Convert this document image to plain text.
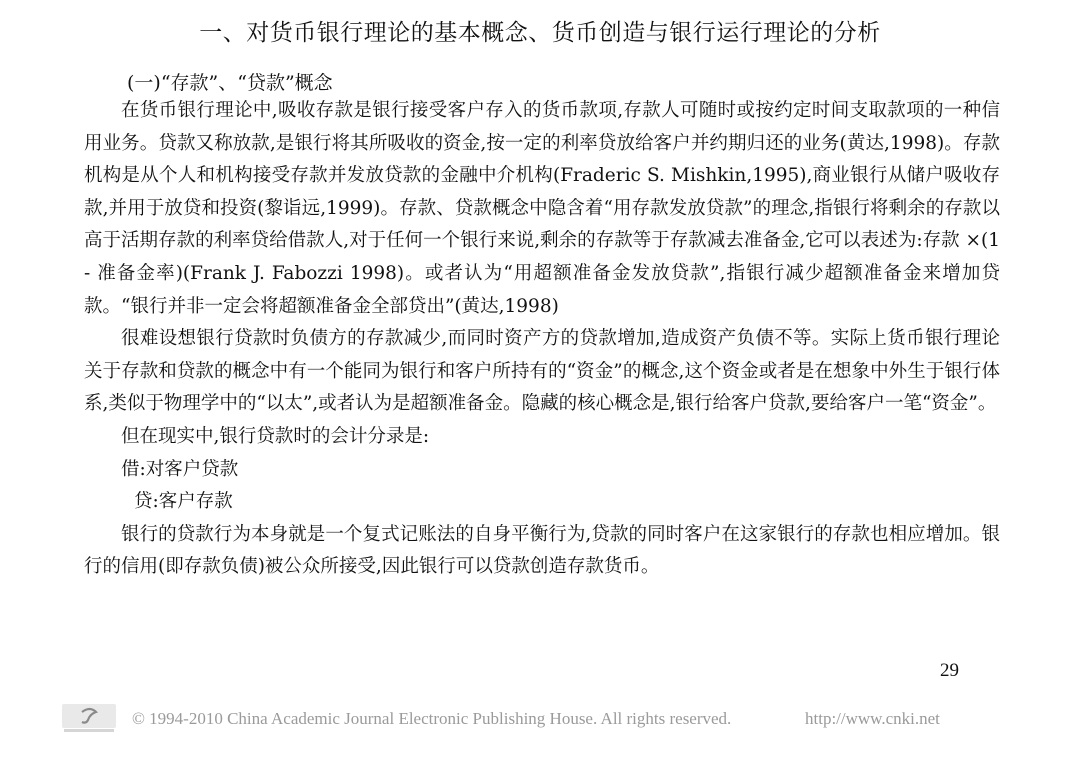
一、对货币银行理论的基本概念、货币创造与银行运行理论的分析
(一)“存款”、“贷款”概念

在货币银行理论中,吸收存款是银行接受客户存入的货币款项,存款人可随时或按约定时间支取款项的一种信用业务。贷款又称放款,是银行将其所吸收的资金,按一定的利率贷放给客户并约期归还的业务(黄达,1998)。存款机构是从个人和机构接受存款并发放贷款的金融中介机构(Fraderic S. Mishkin,1995),商业银行从储户吸收存款,并用于放贷和投资(黎诣远,1999)。存款、贷款概念中隐含着“用存款发放贷款”的理念,指银行将剩余的存款以高于活期存款的利率贷给借款人,对于任何一个银行来说,剩余的存款等于存款减去准备金,它可以表述为:存款 ×(1 - 准备金率)(Frank J. Fabozzi 1998)。或者认为“用超额准备金发放贷款”,指银行减少超额准备金来增加贷款。“银行并非一定会将超额准备金全部贷出”(黄达,1998)

很难设想银行贷款时负债方的存款减少,而同时资产方的贷款增加,造成资产负债不等。实际上货币银行理论关于存款和贷款的概念中有一个能同为银行和客户所持有的“资金”的概念,这个资金或者是在想象中外生于银行体系,类似于物理学中的“以太”,或者认为是超额准备金。隐藏的核心概念是,银行给客户贷款,要给客户一笔“资金”。

但在现实中,银行贷款时的会计分录是:

借:对客户贷款

贷:客户存款

银行的贷款行为本身就是一个复式记账法的自身平衡行为,贷款的同时客户在这家银行的存款也相应增加。银行的信用(即存款负债)被公众所接受,因此银行可以贷款创造存款货币。

29
© 1994-2010 China Academic Journal Electronic Publishing House. All rights reserved.	http://www.cnki.net
